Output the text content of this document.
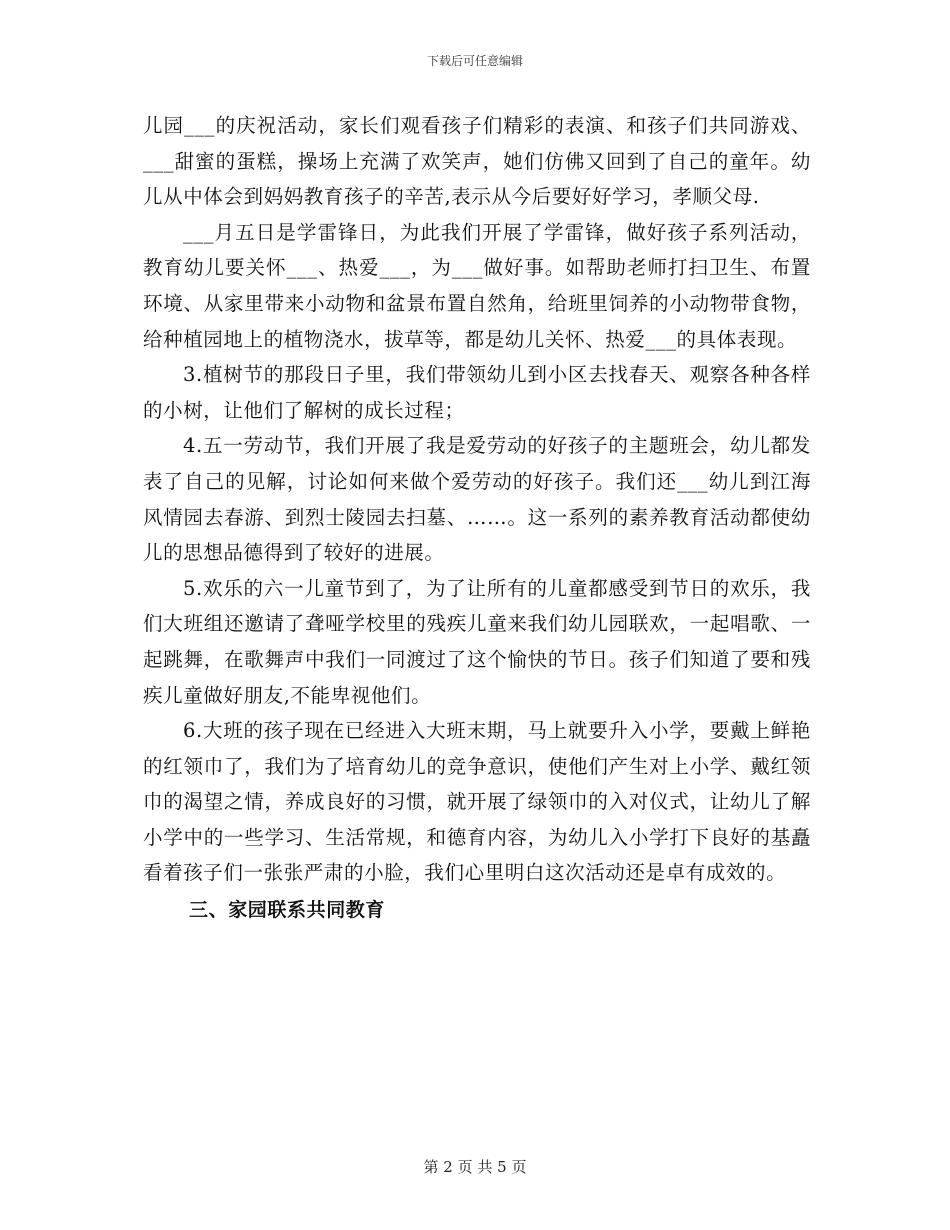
下载后可任意编辑

儿园___的庆祝活动，家长们观看孩子们精彩的表演、和孩子们共同游戏、___甜蜜的蛋糕，操场上充满了欢笑声，她们仿佛又回到了自己的童年。幼儿从中体会到妈妈教育孩子的辛苦,表示从今后要好好学习，孝顺父母.

___月五日是学雷锋日，为此我们开展了学雷锋，做好孩子系列活动，教育幼儿要关怀___、热爱___，为___做好事。如帮助老师打扫卫生、布置环境、从家里带来小动物和盆景布置自然角，给班里饲养的小动物带食物，给种植园地上的植物浇水，拔草等，都是幼儿关怀、热爱___的具体表现。

3.植树节的那段日子里，我们带领幼儿到小区去找春天、观察各种各样的小树，让他们了解树的成长过程；

4.五一劳动节，我们开展了我是爱劳动的好孩子的主题班会，幼儿都发表了自己的见解，讨论如何来做个爱劳动的好孩子。我们还___幼儿到江海风情园去春游、到烈士陵园去扫墓、……。这一系列的素养教育活动都使幼儿的思想品德得到了较好的进展。

5.欢乐的六一儿童节到了，为了让所有的儿童都感受到节日的欢乐，我们大班组还邀请了聋哑学校里的残疾儿童来我们幼儿园联欢，一起唱歌、一起跳舞，在歌舞声中我们一同渡过了这个愉快的节日。孩子们知道了要和残疾儿童做好朋友,不能卑视他们。

6.大班的孩子现在已经进入大班末期，马上就要升入小学，要戴上鲜艳的红领巾了，我们为了培育幼儿的竞争意识，使他们产生对上小学、戴红领巾的渴望之情，养成良好的习惯，就开展了绿领巾的入对仪式，让幼儿了解小学中的一些学习、生活常规，和德育内容，为幼儿入小学打下良好的基矗看着孩子们一张张严肃的小脸，我们心里明白这次活动还是卓有成效的。

三、家园联系共同教育

第 2 页 共 5 页
